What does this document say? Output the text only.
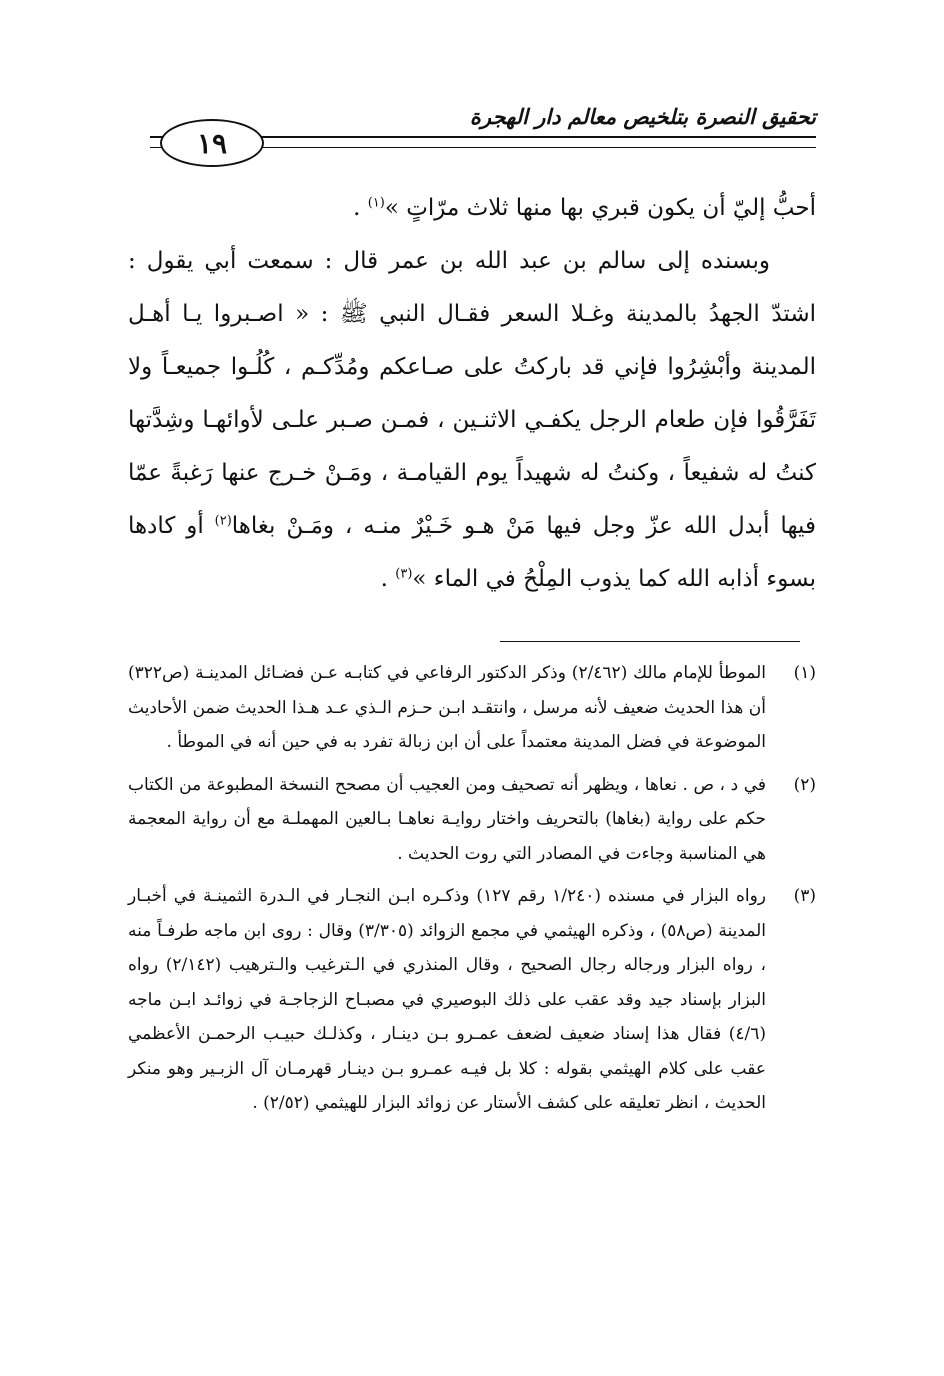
تحقيق النصرة بتلخيص معالم دار الهجرة
١٩

أحبُّ إليّ أن يكون قبري بها منها ثلاث مرّاتٍ »$^{(١)}$ .

وبسنده إلى سالم بن عبد الله بن عمر قال : سمعت أبي يقول : اشتدّ الجهدُ بالمدينة وغـلا السعر فقـال النبي ﷺ : « اصـبروا يـا أهـل المدينة وأبْشِرُوا فإني قد باركتُ على صـاعكم ومُدِّكـم ، كُلُـوا جميعـاً ولا تَفَرَّقُوا فإن طعام الرجل يكفـي الاثنـين ، فمـن صـبر علـى لأوائهـا وشِدَّتها كنتُ له شفيعاً ، وكنتُ له شهيداً يوم القيامـة ، ومَـنْ خـرج عنها رَغبةً عمّا فيها أبدل الله عزّ وجل فيها مَنْ هـو خَـيْرٌ منـه ، ومَـنْ بغاها$^{(٢)}$ أو كادها بسوء أذابه الله كما يذوب المِلْحُ في الماء »$^{(٣)}$ .

(١)
الموطأ للإمام مالك (٢/٤٦٢) وذكر الدكتور الرفاعي في كتابـه عـن فضـائل المدينـة (ص٣٢٢) أن هذا الحديث ضعيف لأنه مرسل ، وانتقـد ابـن حـزم الـذي عـد هـذا الحديث ضمن الأحاديث الموضوعة في فضل المدينة معتمداً على أن ابن زبالة تفرد به في حين أنه في الموطأ .
(٢)
في د ، ص . نعاها ، ويظهر أنه تصحيف ومن العجيب أن مصحح النسخة المطبوعة من الكتاب حكم على رواية (بغاها) بالتحريف واختار روايـة نعاهـا بـالعين المهملـة مع أن رواية المعجمة هي المناسبة وجاءت في المصادر التي روت الحديث .
(٣)
رواه البزار في مسنده (١/٢٤٠ رقم ١٢٧) وذكـره ابـن النجـار في الـدرة الثمينـة في أخبـار المدينة (ص٥٨) ، وذكره الهيثمي في مجمع الزوائد (٣/٣٠٥) وقال : روى ابن ماجه طرفـاً منه ، رواه البزار ورجاله رجال الصحيح ، وقال المنذري في الـترغيب والـترهيب (٢/١٤٢) رواه البزار بإسناد جيد وقد عقب على ذلك البوصيري في مصبـاح الزجاجـة في زوائـد ابـن ماجه (٤/٦) فقال هذا إسناد ضعيف لضعف عمـرو بـن دينـار ، وكذلـك حبيـب الرحمـن الأعظمي عقب على كلام الهيثمي بقوله : كلا بل فيـه عمـرو بـن دينـار قهرمـان آل الزبـير وهو منكر الحديث ، انظر تعليقه على كشف الأستار عن زوائد البزار للهيثمي (٢/٥٢) .
